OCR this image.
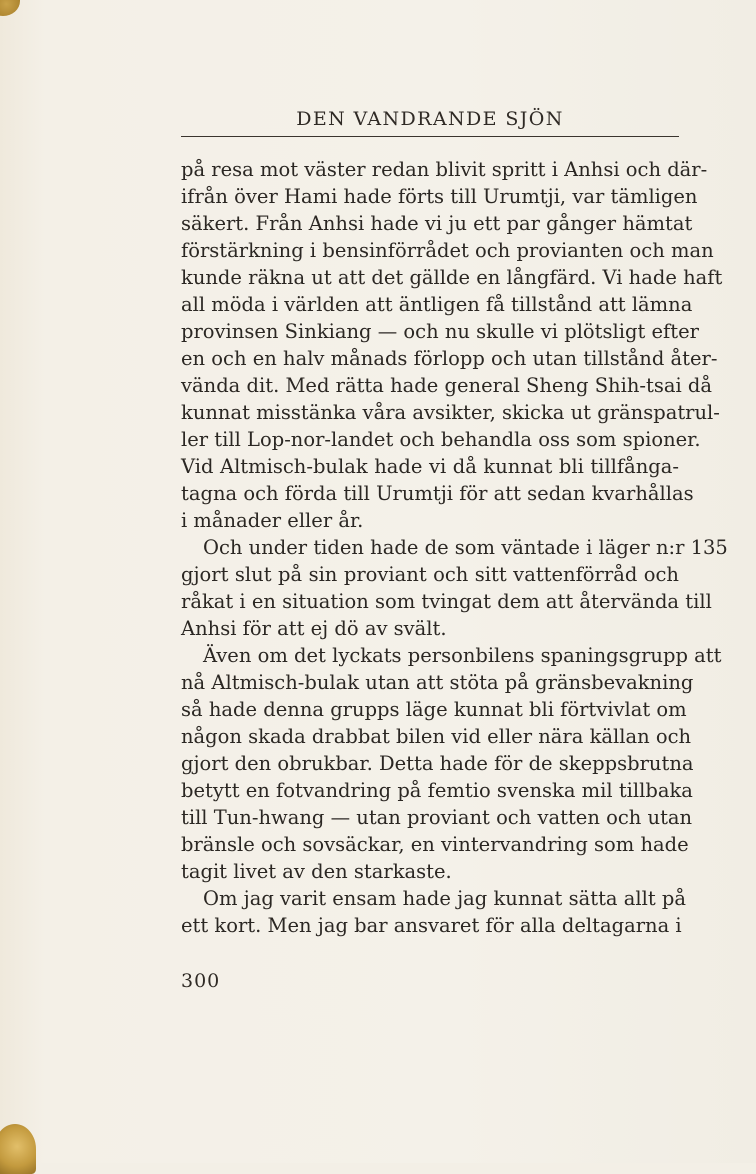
DEN VANDRANDE SJÖN
på resa mot väster redan blivit spritt i Anhsi och där-
ifrån över Hami hade förts till Urumtji, var tämligen
säkert. Från Anhsi hade vi ju ett par gånger hämtat
förstärkning i bensinförrådet och provianten och man
kunde räkna ut att det gällde en långfärd. Vi hade haft
all möda i världen att äntligen få tillstånd att lämna
provinsen Sinkiang — och nu skulle vi plötsligt efter
en och en halv månads förlopp och utan tillstånd åter-
vända dit. Med rätta hade general Sheng Shih-tsai då
kunnat misstänka våra avsikter, skicka ut gränspatrul-
ler till Lop-nor-landet och behandla oss som spioner.
Vid Altmisch-bulak hade vi då kunnat bli tillfånga-
tagna och förda till Urumtji för att sedan kvarhållas
i månader eller år.
Och under tiden hade de som väntade i läger n:r 135
gjort slut på sin proviant och sitt vattenförråd och
råkat i en situation som tvingat dem att återvända till
Anhsi för att ej dö av svält.
Även om det lyckats personbilens spaningsgrupp att
nå Altmisch-bulak utan att stöta på gränsbevakning
så hade denna grupps läge kunnat bli förtvivlat om
någon skada drabbat bilen vid eller nära källan och
gjort den obrukbar. Detta hade för de skeppsbrutna
betytt en fotvandring på femtio svenska mil tillbaka
till Tun-hwang — utan proviant och vatten och utan
bränsle och sovsäckar, en vintervandring som hade
tagit livet av den starkaste.
Om jag varit ensam hade jag kunnat sätta allt på
ett kort. Men jag bar ansvaret för alla deltagarna i
300
